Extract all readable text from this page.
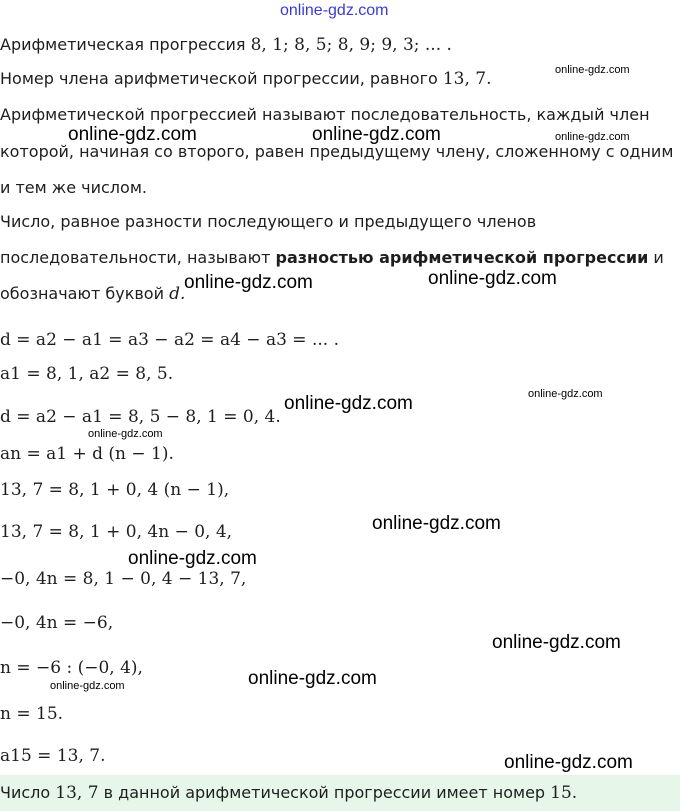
online-gdz.com
online-gdz.com
online-gdz.com	online-gdz.com	online-gdz.com
online-gdz.com
online-gdz.com
online-gdz.com
online-gdz.com
online-gdz.com
online-gdz.com
online-gdz.com
online-gdz.com
online-gdz.com
online-gdz.com
online-gdz.com
Арифметическая прогрессия 8, 1; 8, 5; 8, 9; 9, 3; ... .
Номер члена арифметической прогрессии, равного 13, 7.
Арифметической прогрессией называют последовательность, каждый член
которой, начиная со второго, равен предыдущему члену, сложенному с одним
и тем же числом.
Число, равное разности последующего и предыдущего членов
последовательности, называют разностью арифметической прогрессии и
обозначают буквой d.
d = a2 − a1 = a3 − a2 = a4 − a3 = ... .
a1 = 8, 1, a2 = 8, 5.
d = a2 − a1 = 8, 5 − 8, 1 = 0, 4.
an = a1 + d (n − 1).
13, 7 = 8, 1 + 0, 4 (n − 1),
13, 7 = 8, 1 + 0, 4n − 0, 4,
−0, 4n = 8, 1 − 0, 4 − 13, 7,
−0, 4n = −6,
n = −6 : (−0, 4),
n = 15.
a15 = 13, 7.
Число 13, 7 в данной арифметической прогрессии имеет номер 15.
